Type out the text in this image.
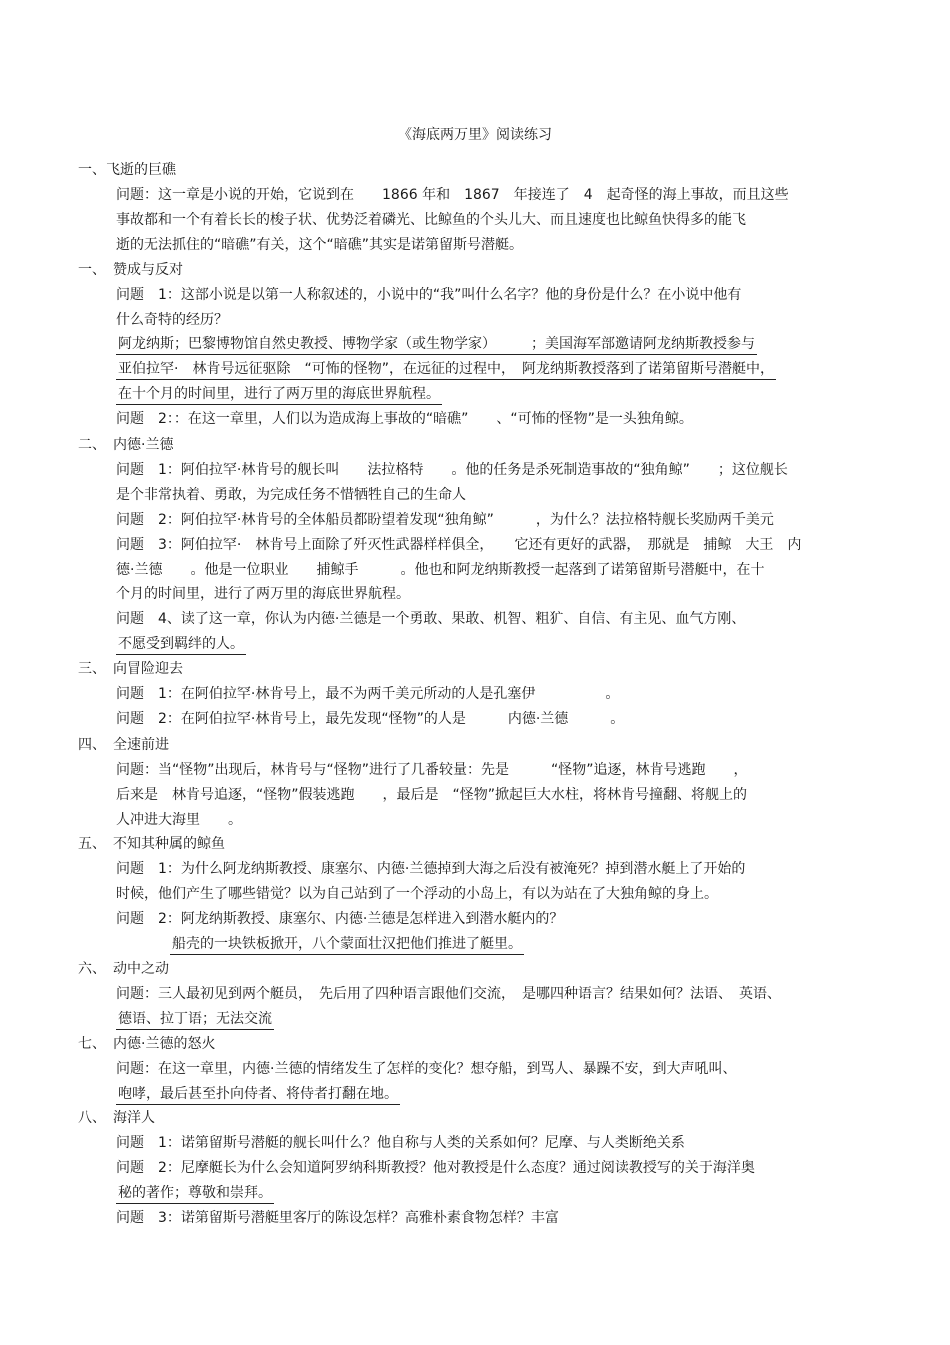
《海底两万里》阅读练习
一、飞逝的巨礁
问题：这一章是小说的开始，它说到在　　1866 年和　1867　年接连了　4　起奇怪的海上事故，而且这些
事故都和一个有着长长的梭子状、优势泛着磷光、比鲸鱼的个头儿大、而且速度也比鲸鱼快得多的能飞
逝的无法抓住的“暗礁”有关，这个“暗礁”其实是诺第留斯号潜艇。
一、　赞成与反对
问题　1：这部小说是以第一人称叙述的，小说中的“我”叫什么名字？他的身份是什么？在小说中他有
什么奇特的经历？
阿龙纳斯；巴黎博物馆自然史教授、博物学家（或生物学家）　　　；美国海军部邀请阿龙纳斯教授参与
亚伯拉罕·　林肯号远征驱除　“可怖的怪物”，在远征的过程中，　阿龙纳斯教授落到了诺第留斯号潜艇中，
在十个月的时间里，进行了两万里的海底世界航程。
问题　2：：在这一章里，人们以为造成海上事故的“暗礁”　　、“可怖的怪物”是一头独角鲸。
二、　内德·兰德
问题　1：阿伯拉罕·林肯号的舰长叫　　法拉格特　　。他的任务是杀死制造事故的“独角鲸”　　；这位舰长
是个非常执着、勇敢，为完成任务不惜牺牲自己的生命人
问题　2：阿伯拉罕·林肯号的全体船员都盼望着发现“独角鲸”　　　，为什么？法拉格特舰长奖励两千美元
问题　3：阿伯拉罕·　林肯号上面除了歼灭性武器样样俱全，　　它还有更好的武器，　那就是　捕鲸　大王　内
德·兰德　　。他是一位职业　　捕鲸手　　　。他也和阿龙纳斯教授一起落到了诺第留斯号潜艇中，在十
个月的时间里，进行了两万里的海底世界航程。
问题　4、读了这一章，你认为内德·兰德是一个勇敢、果敢、机智、粗犷、自信、有主见、血气方刚、
不愿受到羁绊的人。
三、　向冒险迎去
问题　1：在阿伯拉罕·林肯号上，最不为两千美元所动的人是孔塞伊　　　　　。
问题　2：在阿伯拉罕·林肯号上，最先发现“怪物”的人是　　　内德·兰德　　　。
四、　全速前进
问题：当“怪物”出现后，林肯号与“怪物”进行了几番较量：先是　　　“怪物”追逐，林肯号逃跑　　，
后来是　林肯号追逐，“怪物”假装逃跑　　，最后是　“怪物”掀起巨大水柱，将林肯号撞翻、将舰上的
人冲进大海里　　。
五、　不知其种属的鲸鱼
问题　1：为什么阿龙纳斯教授、康塞尔、内德·兰德掉到大海之后没有被淹死？掉到潜水艇上了开始的
时候，他们产生了哪些错觉？以为自己站到了一个浮动的小岛上，有以为站在了大独角鲸的身上。
问题　2：阿龙纳斯教授、康塞尔、内德·兰德是怎样进入到潜水艇内的？
船壳的一块铁板掀开，八个蒙面壮汉把他们推进了艇里。
六、　动中之动
问题：三人最初见到两个艇员，　先后用了四种语言跟他们交流，　是哪四种语言？结果如何？法语、　英语、
德语、拉丁语；无法交流
七、　内德·兰德的怒火
问题：在这一章里，内德·兰德的情绪发生了怎样的变化？想夺船，到骂人、暴躁不安，到大声吼叫、
咆哮，最后甚至扑向侍者、将侍者打翻在地。
八、　海洋人
问题　1：诺第留斯号潜艇的舰长叫什么？他自称与人类的关系如何？尼摩、与人类断绝关系
问题　2：尼摩艇长为什么会知道阿罗纳科斯教授？他对教授是什么态度？通过阅读教授写的关于海洋奥
秘的著作；尊敬和崇拜。
问题　3：诺第留斯号潜艇里客厅的陈设怎样？高雅朴素食物怎样？丰富
